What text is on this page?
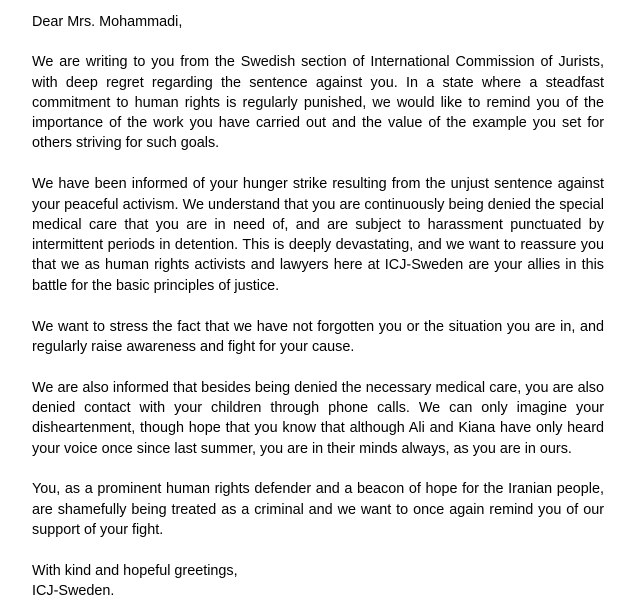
Dear Mrs. Mohammadi,

We are writing to you from the Swedish section of International Commission of Jurists, with deep regret regarding the sentence against you. In a state where a steadfast commitment to human rights is regularly punished, we would like to remind you of the importance of the work you have carried out and the value of the example you set for others striving for such goals.

We have been informed of your hunger strike resulting from the unjust sentence against your peaceful activism. We understand that you are continuously being denied the special medical care that you are in need of, and are subject to harassment punctuated by intermittent periods in detention. This is deeply devastating, and we want to reassure you that we as human rights activists and lawyers here at ICJ-Sweden are your allies in this battle for the basic principles of justice.

We want to stress the fact that we have not forgotten you or the situation you are in, and regularly raise awareness and fight for your cause.

We are also informed that besides being denied the necessary medical care, you are also denied contact with your children through phone calls. We can only imagine your disheartenment, though hope that you know that although Ali and Kiana have only heard your voice once since last summer, you are in their minds always, as you are in ours.

You, as a prominent human rights defender and a beacon of hope for the Iranian people, are shamefully being treated as a criminal and we want to once again remind you of our support of your fight.

With kind and hopeful greetings,

ICJ-Sweden.
